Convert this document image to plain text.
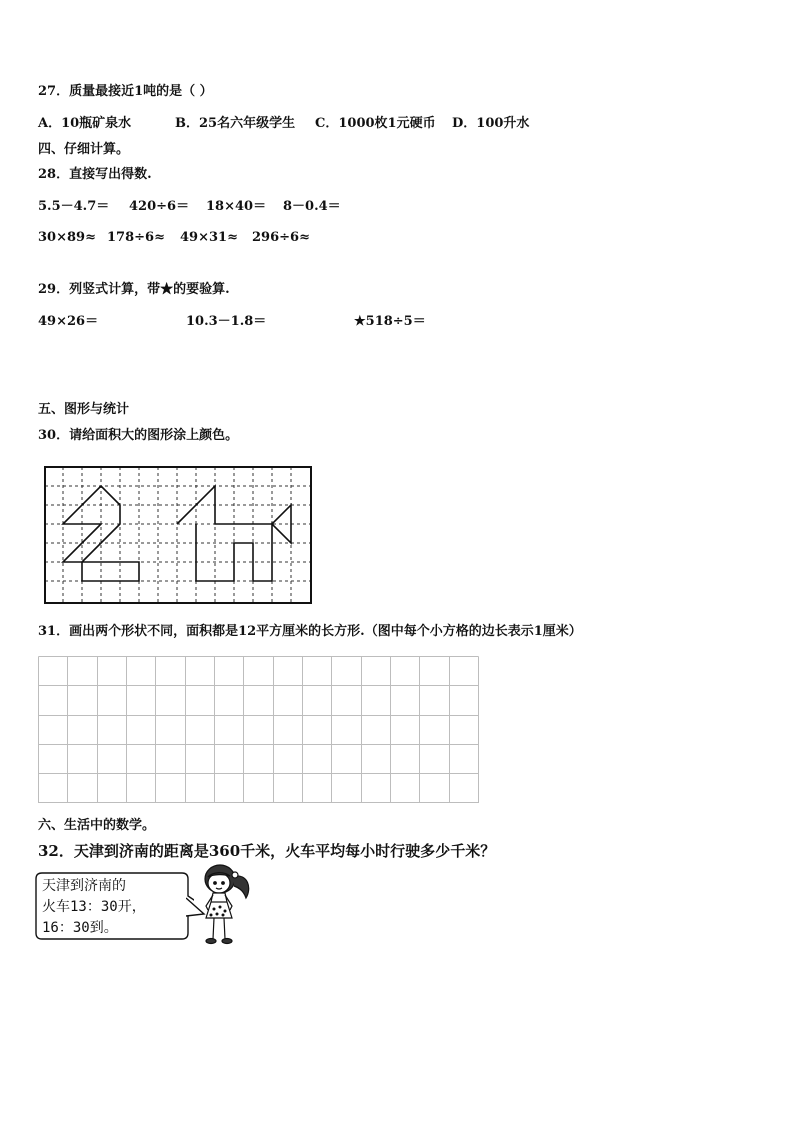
27．质量最接近1吨的是（ ）
A．10瓶矿泉水	B．25名六年级学生 C．1000枚1元硬币 D．100升水
四、仔细计算。
28．直接写出得数.
5.5－4.7＝ 420÷6＝ 18×40＝ 8－0.4＝
30×89≈ 178÷6≈ 49×31≈ 296÷6≈
29．列竖式计算，带★的要验算.
49×26＝	10.3－1.8＝	★518÷5＝
五、图形与统计
30．请给面积大的图形涂上颜色。
31．画出两个形状不同，面积都是12平方厘米的长方形.（图中每个小方格的边长表示1厘米）
六、生活中的数学。
32．天津到济南的距离是360千米，火车平均每小时行驶多少千米？
天津到济南的
火车13：30开，
16：30到。
